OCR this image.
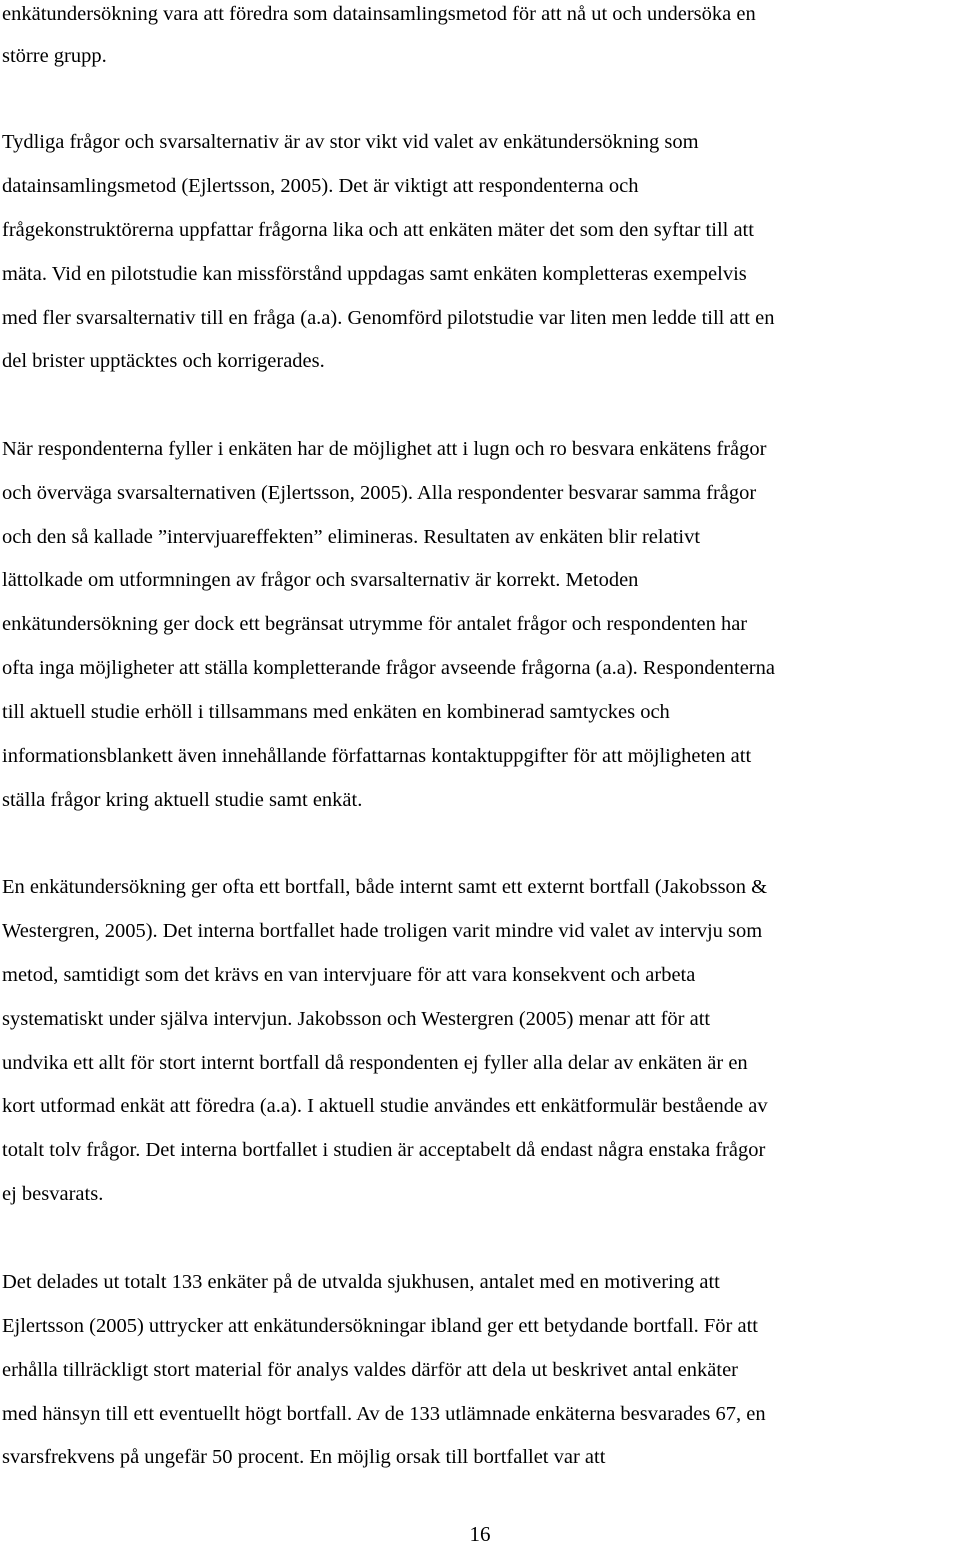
enkätundersökning vara att föredra som datainsamlingsmetod för att nå ut och undersöka en

större grupp.

Tydliga frågor och svarsalternativ är av stor vikt vid valet av enkätundersökning som

datainsamlingsmetod (Ejlertsson, 2005). Det är viktigt att respondenterna och

frågekonstruktörerna uppfattar frågorna lika och att enkäten mäter det som den syftar till att

mäta. Vid en pilotstudie kan missförstånd uppdagas samt enkäten kompletteras exempelvis

med fler svarsalternativ till en fråga (a.a). Genomförd pilotstudie var liten men ledde till att en

del brister upptäcktes och korrigerades.

När respondenterna fyller i enkäten har de möjlighet att i lugn och ro besvara enkätens frågor

och överväga svarsalternativen (Ejlertsson, 2005). Alla respondenter besvarar samma frågor

och den så kallade ”intervjuareffekten” elimineras. Resultaten av enkäten blir relativt

lättolkade om utformningen av frågor och svarsalternativ är korrekt. Metoden

enkätundersökning ger dock ett begränsat utrymme för antalet frågor och respondenten har

ofta inga möjligheter att ställa kompletterande frågor avseende frågorna (a.a). Respondenterna

till aktuell studie erhöll i tillsammans med enkäten en kombinerad samtyckes och

informationsblankett även innehållande författarnas kontaktuppgifter för att möjligheten att

ställa frågor kring aktuell studie samt enkät.

En enkätundersökning ger ofta ett bortfall, både internt samt ett externt bortfall (Jakobsson &

Westergren, 2005). Det interna bortfallet hade troligen varit mindre vid valet av intervju som

metod, samtidigt som det krävs en van intervjuare för att vara konsekvent och arbeta

systematiskt under själva intervjun. Jakobsson och Westergren (2005) menar att för att

undvika ett allt för stort internt bortfall då respondenten ej fyller alla delar av enkäten är en

kort utformad enkät att föredra (a.a). I aktuell studie användes ett enkätformulär bestående av

totalt tolv frågor. Det interna bortfallet i studien är acceptabelt då endast några enstaka frågor

ej besvarats.

Det delades ut totalt 133 enkäter på de utvalda sjukhusen, antalet med en motivering att

Ejlertsson (2005) uttrycker att enkätundersökningar ibland ger ett betydande bortfall. För att

erhålla tillräckligt stort material för analys valdes därför att dela ut beskrivet antal enkäter

med hänsyn till ett eventuellt högt bortfall. Av de 133 utlämnade enkäterna besvarades 67, en

svarsfrekvens på ungefär 50 procent. En möjlig orsak till bortfallet var att

16
